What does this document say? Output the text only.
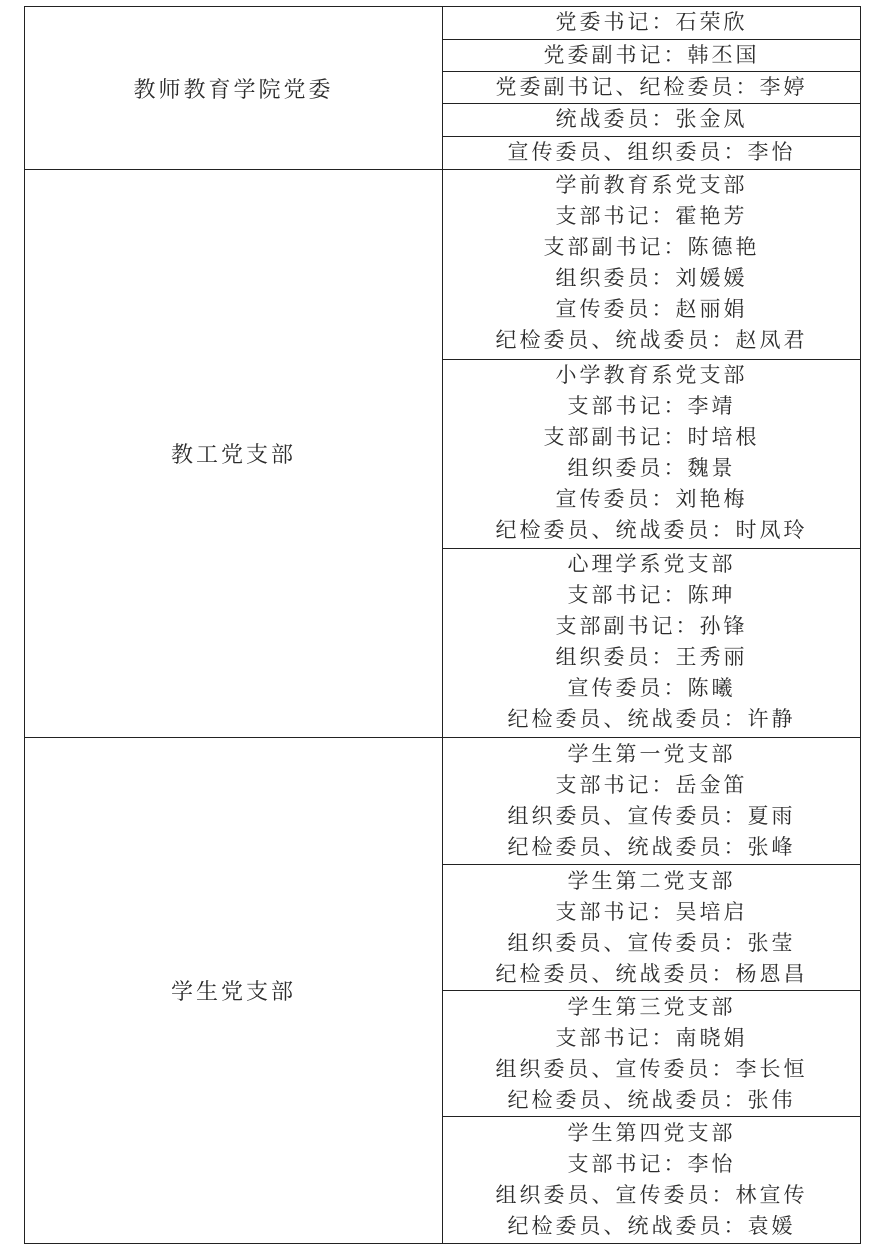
教师教育学院党委
党委书记：石荣欣
党委副书记：韩丕国
党委副书记、纪检委员：李婷
统战委员：张金凤
宣传委员、组织委员：李怡
教工党支部
学前教育系党支部
支部书记：霍艳芳
支部副书记：陈德艳
组织委员：刘媛媛
宣传委员：赵丽娟
纪检委员、统战委员：赵凤君
小学教育系党支部
支部书记：李靖
支部副书记：时培根
组织委员：魏景
宣传委员：刘艳梅
纪检委员、统战委员：时凤玲
心理学系党支部
支部书记：陈珅
支部副书记：孙锋
组织委员：王秀丽
宣传委员：陈曦
纪检委员、统战委员：许静
学生党支部
学生第一党支部
支部书记：岳金笛
组织委员、宣传委员：夏雨
纪检委员、统战委员：张峰
学生第二党支部
支部书记：吴培启
组织委员、宣传委员：张莹
纪检委员、统战委员：杨恩昌
学生第三党支部
支部书记：南晓娟
组织委员、宣传委员：李长恒
纪检委员、统战委员：张伟
学生第四党支部
支部书记：李怡
组织委员、宣传委员：林宣传
纪检委员、统战委员：袁媛
